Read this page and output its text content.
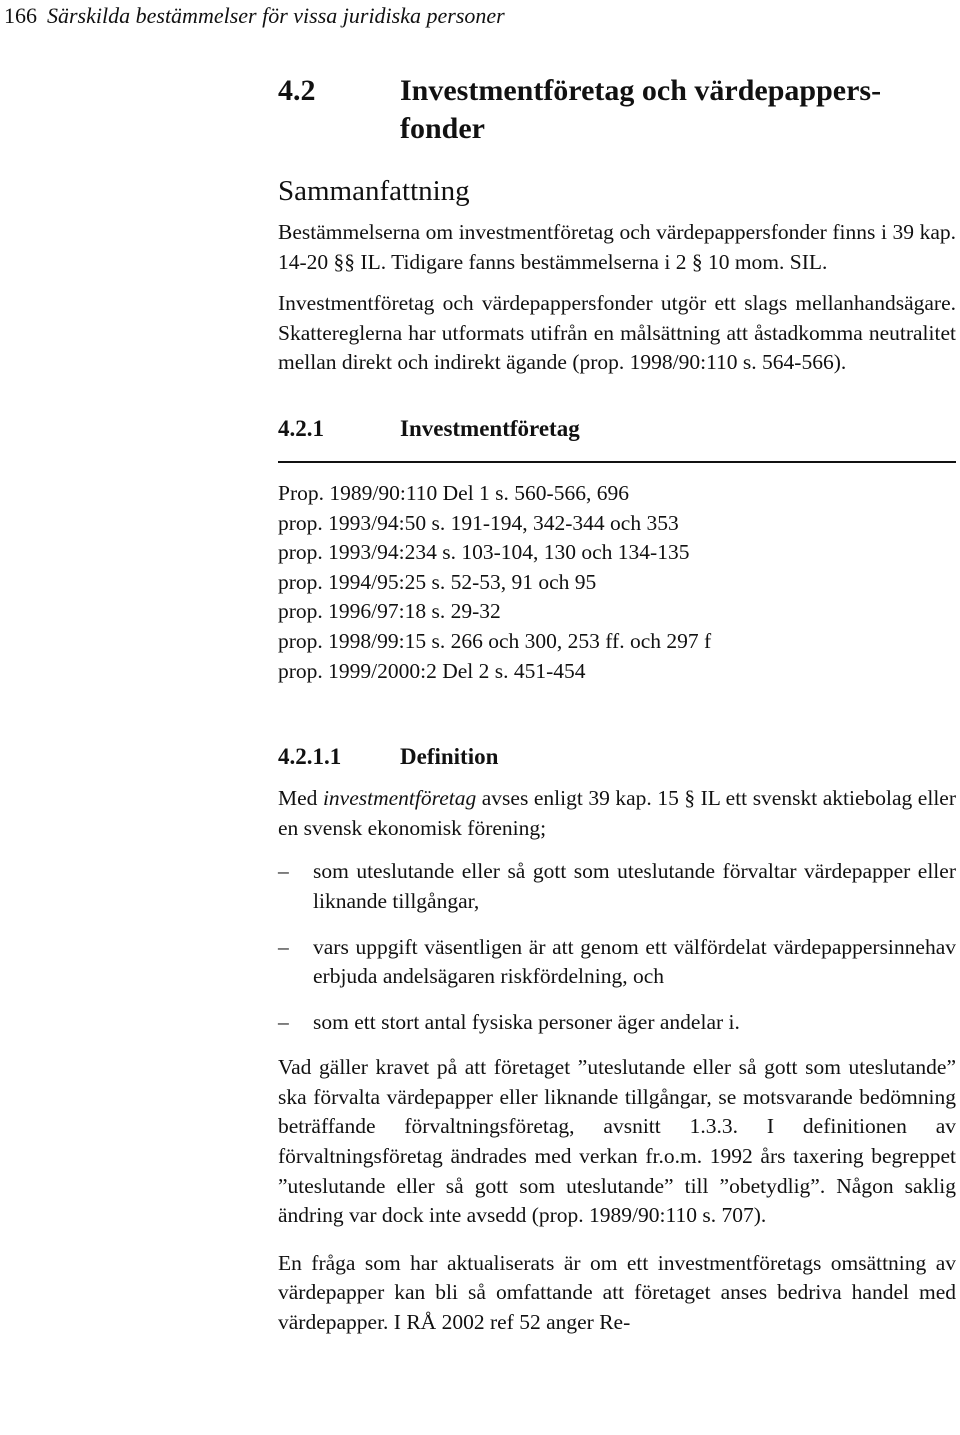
166 Särskilda bestämmelser för vissa juridiska personer
4.2	Investmentföretag och värdepappers-
fonder
Sammanfattning

Bestämmelserna om investmentföretag och värdepappersfonder finns i 39 kap. 14-20 §§ IL. Tidigare fanns bestämmelserna i 2 § 10 mom. SIL.

Investmentföretag och värdepappersfonder utgör ett slags mellanhandsägare. Skattereglerna har utformats utifrån en målsättning att åstadkomma neutralitet mellan direkt och indirekt ägande (prop. 1998/90:110 s. 564-566).

4.2.1	Investmentföretag
Prop. 1989/90:110 Del 1 s. 560-566, 696
prop. 1993/94:50 s. 191-194, 342-344 och 353
prop. 1993/94:234 s. 103-104, 130 och 134-135
prop. 1994/95:25 s. 52-53, 91 och 95
prop. 1996/97:18 s. 29-32
prop. 1998/99:15 s. 266 och 300, 253 ff. och 297 f
prop. 1999/2000:2 Del 2 s. 451-454
4.2.1.1	Definition

Med investmentföretag avses enligt 39 kap. 15 § IL ett svenskt aktiebolag eller en svensk ekonomisk förening;

– som uteslutande eller så gott som uteslutande förvaltar värdepapper eller liknande tillgångar,
– vars uppgift väsentligen är att genom ett välfördelat värdepappersinnehav erbjuda andelsägaren riskfördelning, och
– som ett stort antal fysiska personer äger andelar i.

Vad gäller kravet på att företaget ”uteslutande eller så gott som uteslutande” ska förvalta värdepapper eller liknande tillgångar, se motsvarande bedömning beträffande förvaltningsföretag, avsnitt 1.3.3. I definitionen av förvaltningsföretag ändrades med verkan fr.o.m. 1992 års taxering begreppet ”uteslutande eller så gott som uteslutande” till ”obetydlig”. Någon saklig ändring var dock inte avsedd (prop. 1989/90:110 s. 707).

En fråga som har aktualiserats är om ett investmentföretags omsättning av värdepapper kan bli så omfattande att företaget anses bedriva handel med värdepapper. I RÅ 2002 ref 52 anger Re-
